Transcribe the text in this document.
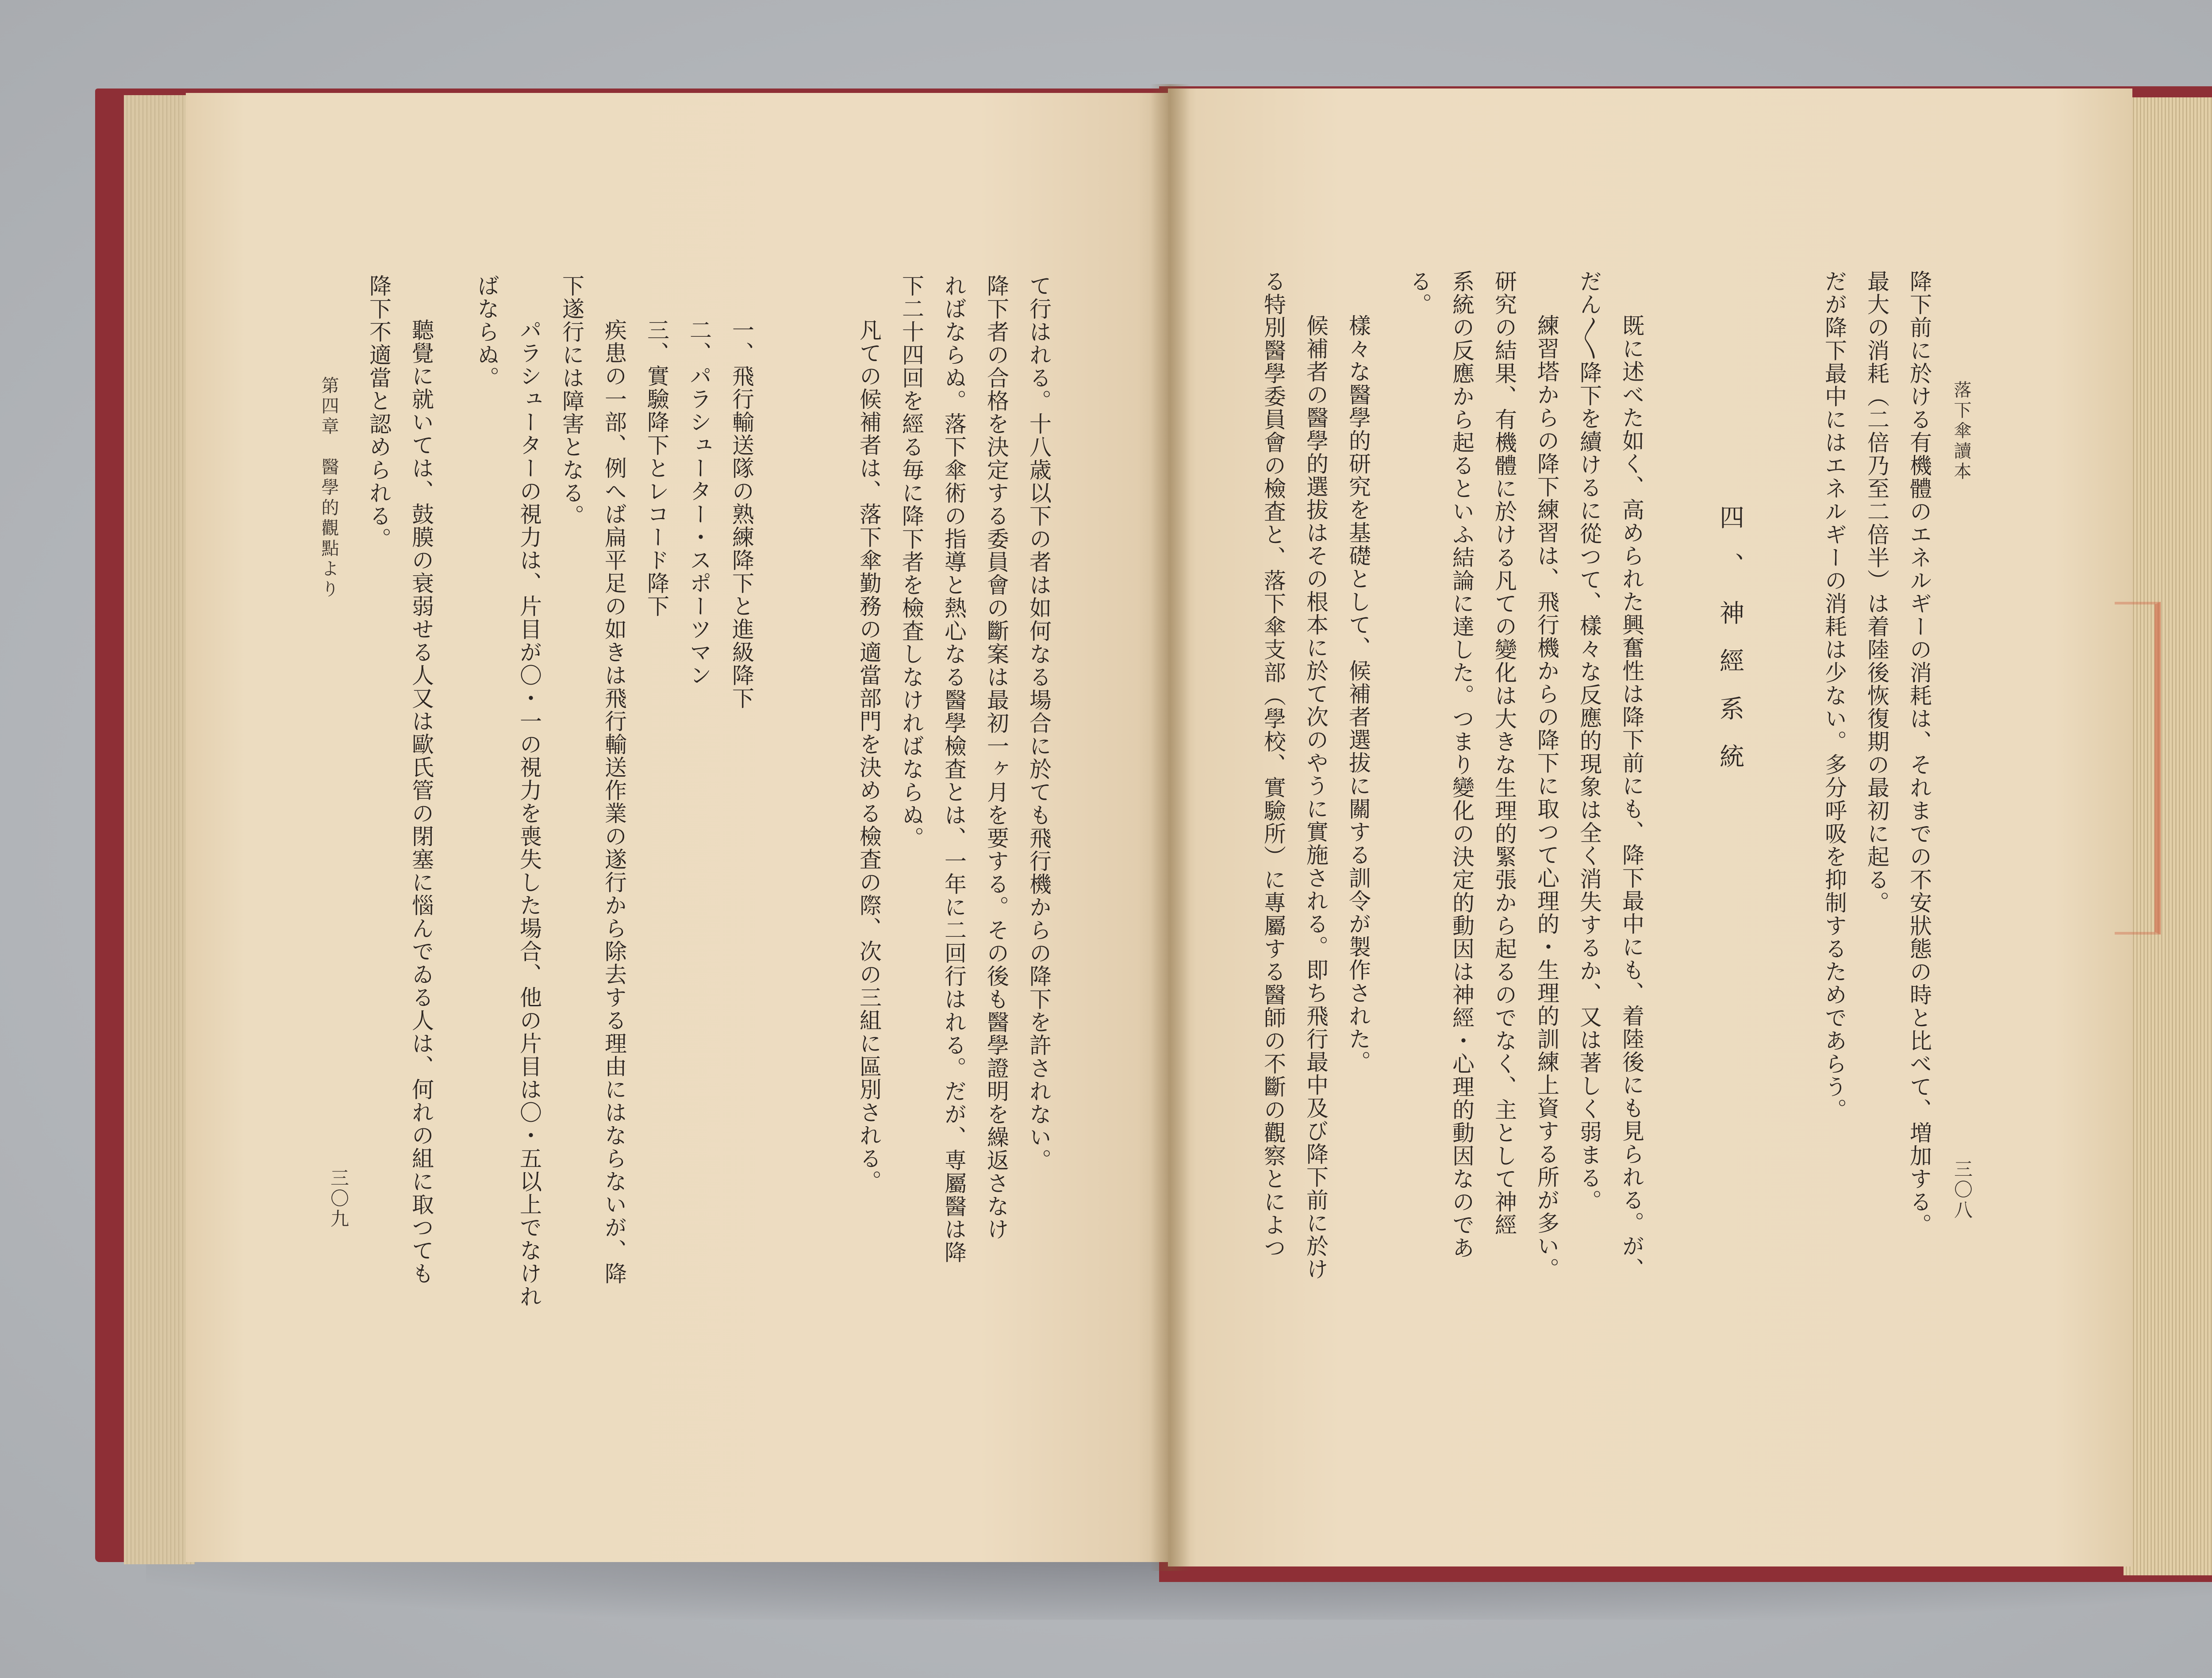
て行はれる。十八歳以下の者は如何なる場合に於ても飛行機からの降下を許されない。

降下者の合格を決定する委員會の斷案は最初一ヶ月を要する。その後も醫學證明を繰返さなけ

ればならぬ。落下傘術の指導と熱心なる醫學檢査とは、一年に二回行はれる。だが、専屬醫は降

下二十四回を經る毎に降下者を檢査しなければならぬ。

凡ての候補者は、落下傘勤務の適當部門を決める檢査の際、次の三組に區別される。

一、飛行輸送隊の熟練降下と進級降下

二、パラシューター・スポーツマン

三、實驗降下とレコード降下

疾患の一部、例へば扁平足の如きは飛行輸送作業の遂行から除去する理由にはならないが、降

下遂行には障害となる。

パラシューターの視力は、片目が〇・一の視力を喪失した場合、他の片目は〇・五以上でなけれ

ばならぬ。

聽覺に就いては、鼓膜の衰弱せる人又は歐氏管の閉塞に惱んでゐる人は、何れの組に取つても

降下不適當と認められる。

第四章　醫學的觀點より

三〇九

落下傘讀本

三〇八

降下前に於ける有機體のエネルギーの消耗は、それまでの不安狀態の時と比べて、増加する。

最大の消耗（二倍乃至二倍半）は着陸後恢復期の最初に起る。

だが降下最中にはエネルギーの消耗は少ない。多分呼吸を抑制するためであらう。

四、神經系統

既に述べた如く、高められた興奮性は降下前にも、降下最中にも、着陸後にも見られる。が、

だん〳〵降下を續けるに從つて、樣々な反應的現象は全く消失するか、又は著しく弱まる。

練習塔からの降下練習は、飛行機からの降下に取つて心理的・生理的訓練上資する所が多い。

研究の結果、有機體に於ける凡ての變化は大きな生理的緊張から起るのでなく、主として神經

系統の反應から起るといふ結論に達した。つまり變化の決定的動因は神經・心理的動因なのであ

る。

樣々な醫學的研究を基礎として、候補者選拔に關する訓令が製作された。

候補者の醫學的選拔はその根本に於て次のやうに實施される。即ち飛行最中及び降下前に於け

る特別醫學委員會の檢査と、落下傘支部（學校、實驗所）に專屬する醫師の不斷の觀察とによつ
